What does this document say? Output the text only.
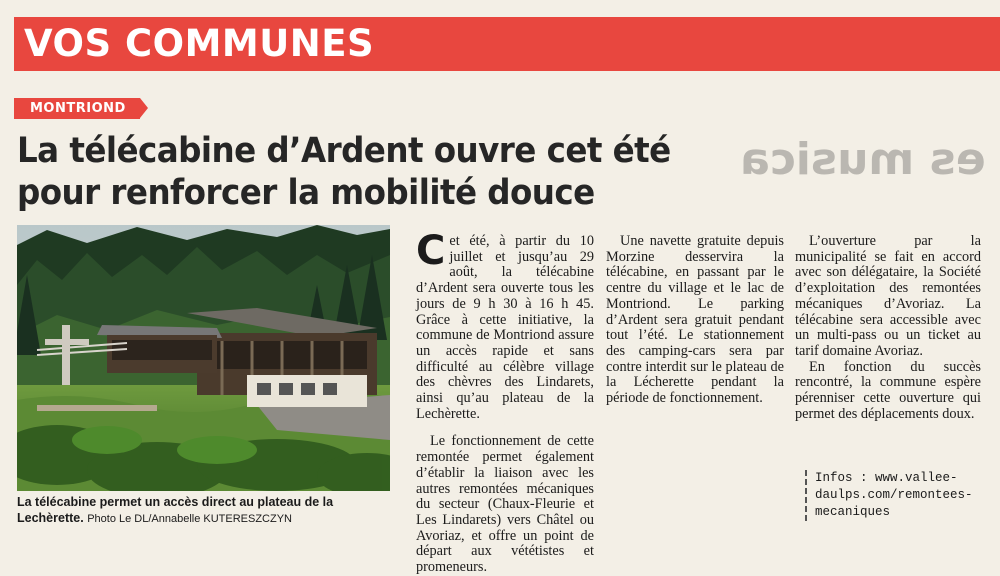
VOS COMMUNES
es musica
MONTRIOND
La télécabine d’Ardent ouvre cet été
pour renforcer la mobilité douce
La télécabine permet un accès direct au plateau de la Lechèrette. Photo Le DL/Annabelle KUTERESZCZYN

Cet été, à partir du 10 juillet et jusqu’au 29 août, la télécabine d’Ardent sera ouverte tous les jours de 9 h 30 à 16 h 45. Grâce à cette initiative, la commune de Montriond assure un accès rapide et sans difficulté au célèbre village des chèvres des Lindarets, ainsi qu’au plateau de la Lechèrette.

Le fonctionnement de cette remontée permet également d’établir la liaison avec les autres remontées mécaniques du secteur (Chaux-Fleurie et Les Lindarets) vers Châtel ou Avoriaz, et offre un point de départ aux vététistes et promeneurs.

Une navette gratuite depuis Morzine desservira la télécabine, en passant par le centre du village et le lac de Montriond. Le parking d’Ardent sera gratuit pendant tout l’été. Le stationnement des camping-cars sera par contre interdit sur le plateau de la Lécherette pendant la période de fonctionnement.

L’ouverture par la municipalité se fait en accord avec son délégataire, la Société d’exploitation des remontées mécaniques d’Avoriaz. La télécabine sera accessible avec un multi-pass ou un ticket au tarif domaine Avoriaz.

En fonction du succès rencontré, la commune espère pérenniser cette ouverture qui permet des déplacements doux.

Infos : www.vallee-daulps.com/remontees-mecaniques
